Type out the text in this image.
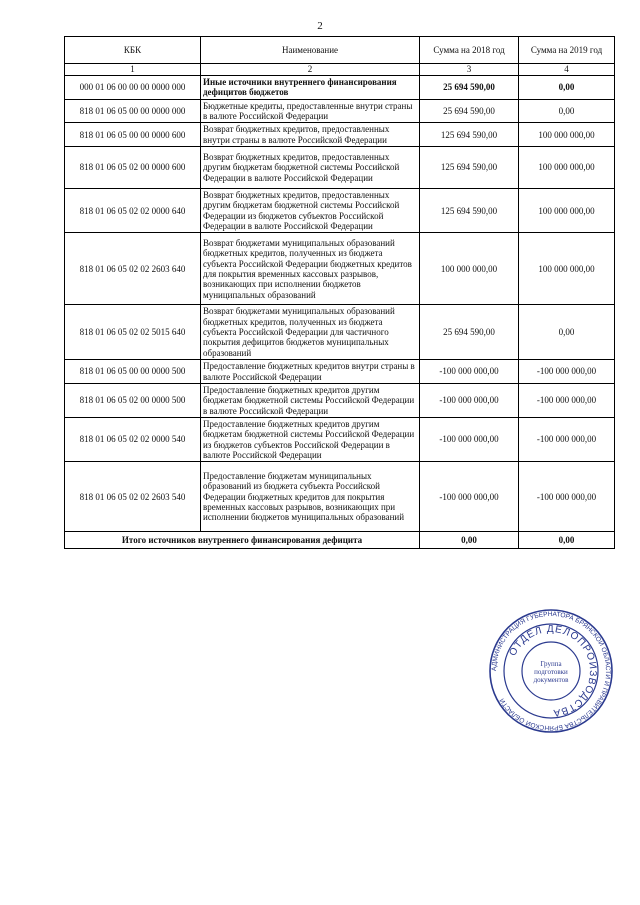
2
КБК	Наименование	Сумма на 2018 год	Сумма на 2019 год
1	2	3	4
000 01 06 00 00 00 0000 000	Иные источники внутреннего финансирования дефицитов бюджетов	25 694 590,00	0,00
818 01 06 05 00 00 0000 000	Бюджетные кредиты, предоставленные внутри страны в валюте Российской Федерации	25 694 590,00	0,00
818 01 06 05 00 00 0000 600	Возврат бюджетных кредитов, предоставленных внутри страны в валюте Российской Федерации	125 694 590,00	100 000 000,00
818 01 06 05 02 00 0000 600	Возврат бюджетных кредитов, предоставленных другим бюджетам бюджетной системы Российской Федерации в валюте Российской Федерации	125 694 590,00	100 000 000,00
818 01 06 05 02 02 0000 640	Возврат бюджетных кредитов, предоставленных другим бюджетам бюджетной системы Российской Федерации из бюджетов субъектов Российской Федерации в валюте Российской Федерации	125 694 590,00	100 000 000,00
818 01 06 05 02 02 2603 640	Возврат бюджетами муниципальных образований бюджетных кредитов, полученных из бюджета субъекта Российской Федерации бюджетных кредитов для покрытия временных кассовых разрывов, возникающих при исполнении бюджетов муниципальных образований	100 000 000,00	100 000 000,00
818 01 06 05 02 02 5015 640	Возврат бюджетами муниципальных образований бюджетных кредитов, полученных из бюджета субъекта Российской Федерации для частичного покрытия дефицитов бюджетов муниципальных образований	25 694 590,00	0,00
818 01 06 05 00 00 0000 500	Предоставление бюджетных кредитов внутри страны в валюте Российской Федерации	-100 000 000,00	-100 000 000,00
818 01 06 05 02 00 0000 500	Предоставление бюджетных кредитов другим бюджетам бюджетной системы Российской Федерации в валюте Российской Федерации	-100 000 000,00	-100 000 000,00
818 01 06 05 02 02 0000 540	Предоставление бюджетных кредитов другим бюджетам бюджетной системы Российской Федерации из бюджетов субъектов Российской Федерации в валюте Российской Федерации	-100 000 000,00	-100 000 000,00
818 01 06 05 02 02 2603 540	Предоставление бюджетам муниципальных образований из бюджета субъекта Российской Федерации бюджетных кредитов для покрытия временных кассовых разрывов, возникающих при исполнении бюджетов муниципальных образований	-100 000 000,00	-100 000 000,00
Итого источников внутреннего финансирования дефицита		0,00	0,00
АДМИНИСТРАЦИЯ ГУБЕРНАТОРА БРЯНСКОЙ ОБЛАСТИ И ПРАВИТЕЛЬСТВА БРЯНСКОЙ ОБЛАСТИ
ОТДЕЛ ДЕЛОПРОИЗВОДСТВА
Группа подготовки документов
